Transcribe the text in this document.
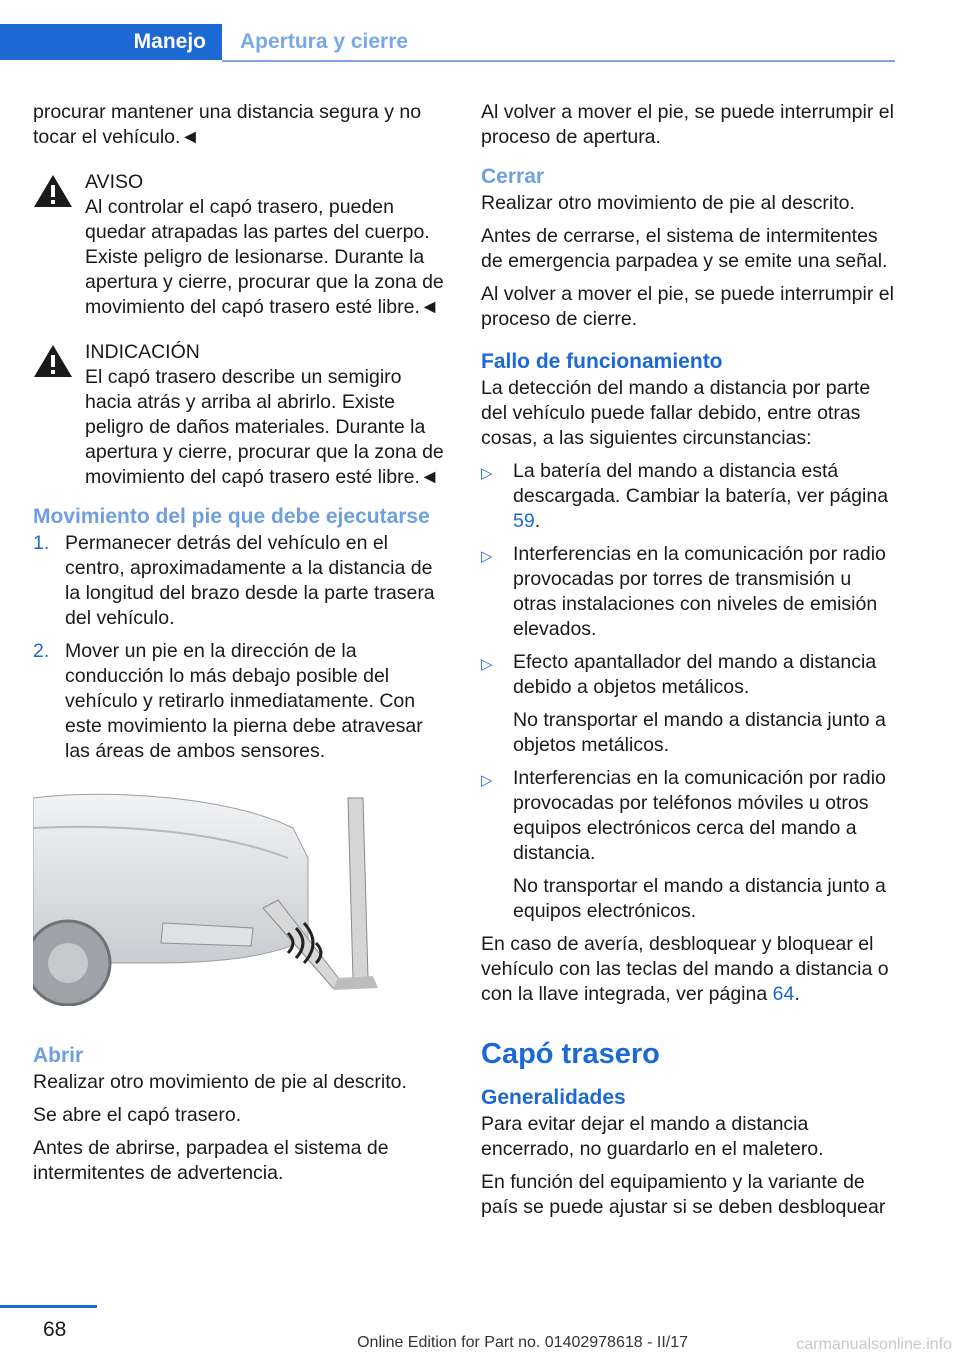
Manejo	Apertura y cierre

procurar mantener una distancia segura y no tocar el vehículo.◄

AVISO
Al controlar el capó trasero, pueden quedar atrapadas las partes del cuerpo. Existe peligro de lesionarse. Durante la apertura y cierre, procurar que la zona de movimiento del capó trasero esté libre.◄
INDICACIÓN
El capó trasero describe un semigiro hacia atrás y arriba al abrirlo. Existe peligro de daños materiales. Durante la apertura y cierre, procurar que la zona de movimiento del capó trasero esté libre.◄
Movimiento del pie que debe ejecutarse
1. Permanecer detrás del vehículo en el centro, aproximadamente a la distancia de la longitud del brazo desde la parte trasera del vehículo.
2. Mover un pie en la dirección de la conducción lo más debajo posible del vehículo y retirarlo inmediatamente. Con este movimiento la pierna debe atravesar las áreas de ambos sensores.
Abrir

Realizar otro movimiento de pie al descrito.

Se abre el capó trasero.

Antes de abrirse, parpadea el sistema de intermitentes de advertencia.

Al volver a mover el pie, se puede interrumpir el proceso de apertura.

Cerrar

Realizar otro movimiento de pie al descrito.

Antes de cerrarse, el sistema de intermitentes de emergencia parpadea y se emite una señal.

Al volver a mover el pie, se puede interrumpir el proceso de cierre.

Fallo de funcionamiento

La detección del mando a distancia por parte del vehículo puede fallar debido, entre otras cosas, a las siguientes circunstancias:

▷ La batería del mando a distancia está descargada. Cambiar la batería, ver página 59.
▷ Interferencias en la comunicación por radio provocadas por torres de transmisión u otras instalaciones con niveles de emisión elevados.
▷ Efecto apantallador del mando a distancia debido a objetos metálicos.
No transportar el mando a distancia junto a objetos metálicos.
▷ Interferencias en la comunicación por radio provocadas por teléfonos móviles u otros equipos electrónicos cerca del mando a distancia.
No transportar el mando a distancia junto a equipos electrónicos.

En caso de avería, desbloquear y bloquear el vehículo con las teclas del mando a distancia o con la llave integrada, ver página 64.

Capó trasero
Generalidades

Para evitar dejar el mando a distancia encerrado, no guardarlo en el maletero.

En función del equipamiento y la variante de país se puede ajustar si se deben desbloquear

68
Online Edition for Part no. 01402978618 - II/17	carmanualsonline.info
